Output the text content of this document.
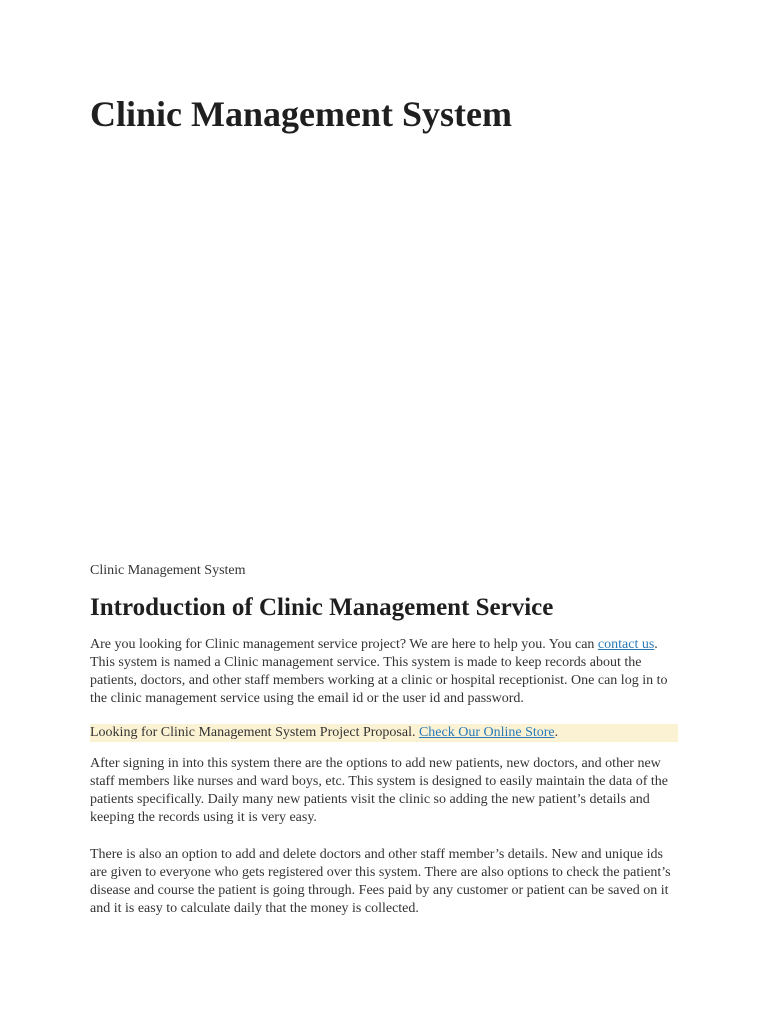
Clinic Management System

Clinic Management System

Introduction of Clinic Management Service

Are you looking for Clinic management service project? We are here to help you. You can contact us. This system is named a Clinic management service. This system is made to keep records about the patients, doctors, and other staff members working at a clinic or hospital receptionist. One can log in to the clinic management service using the email id or the user id and password.

Looking for Clinic Management System Project Proposal. Check Our Online Store.

After signing in into this system there are the options to add new patients, new doctors, and other new staff members like nurses and ward boys, etc. This system is designed to easily maintain the data of the patients specifically. Daily many new patients visit the clinic so adding the new patient’s details and keeping the records using it is very easy.

There is also an option to add and delete doctors and other staff member’s details. New and unique ids are given to everyone who gets registered over this system. There are also options to check the patient’s disease and course the patient is going through. Fees paid by any customer or patient can be saved on it and it is easy to calculate daily that the money is collected.
